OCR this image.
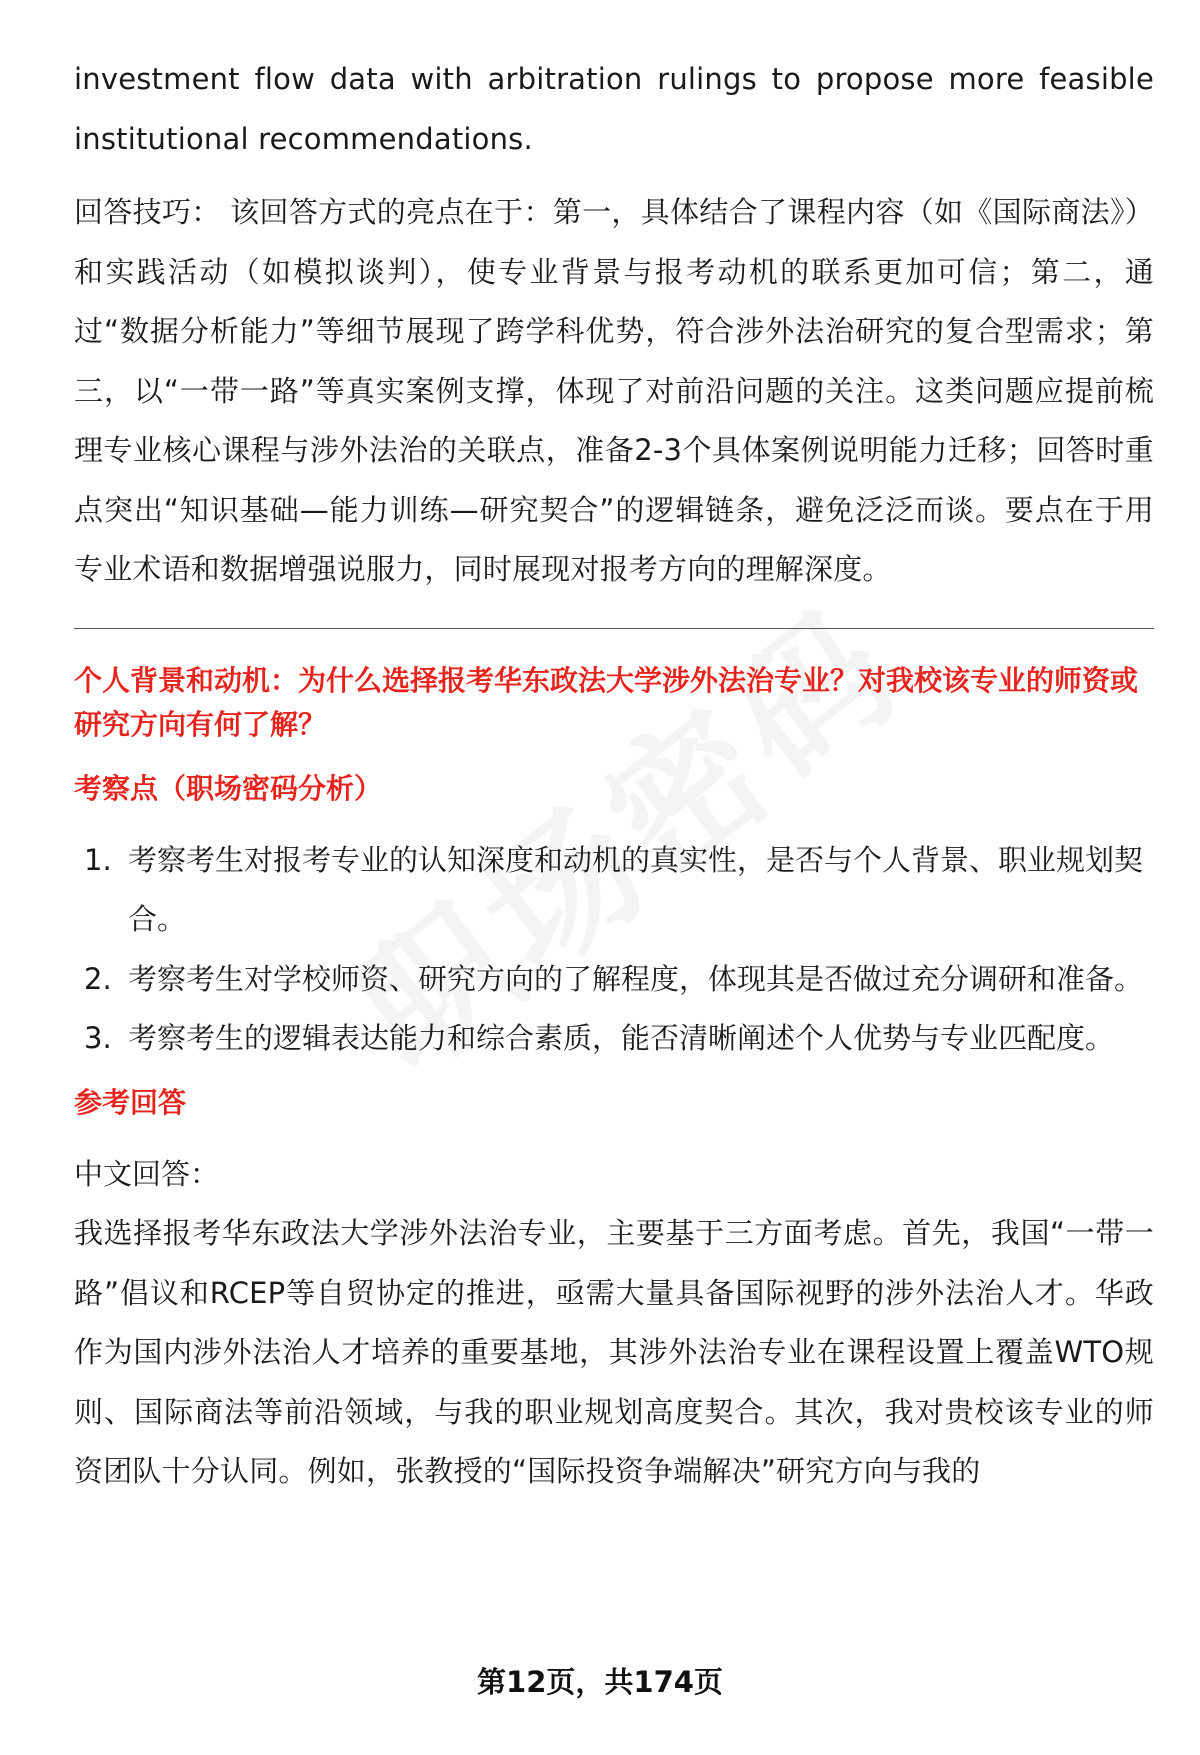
investment flow data with arbitration rulings to propose more feasible institutional recommendations.

回答技巧： 该回答方式的亮点在于：第一，具体结合了课程内容（如《国际商法》）和实践活动（如模拟谈判），使专业背景与报考动机的联系更加可信；第二，通过“数据分析能力”等细节展现了跨学科优势，符合涉外法治研究的复合型需求；第三，以“一带一路”等真实案例支撑，体现了对前沿问题的关注。这类问题应提前梳理专业核心课程与涉外法治的关联点，准备2-3个具体案例说明能力迁移；回答时重点突出“知识基础—能力训练—研究契合”的逻辑链条，避免泛泛而谈。要点在于用专业术语和数据增强说服力，同时展现对报考方向的理解深度。

个人背景和动机：为什么选择报考华东政法大学涉外法治专业？对我校该专业的师资或研究方向有何了解？

考察点（职场密码分析）

1. 考察考生对报考专业的认知深度和动机的真实性，是否与个人背景、职业规划契合。
2. 考察考生对学校师资、研究方向的了解程度，体现其是否做过充分调研和准备。
3. 考察考生的逻辑表达能力和综合素质，能否清晰阐述个人优势与专业匹配度。

参考回答

中文回答：

我选择报考华东政法大学涉外法治专业，主要基于三方面考虑。首先，我国“一带一路”倡议和RCEP等自贸协定的推进，亟需大量具备国际视野的涉外法治人才。华政作为国内涉外法治人才培养的重要基地，其涉外法治专业在课程设置上覆盖WTO规则、国际商法等前沿领域，与我的职业规划高度契合。其次，我对贵校该专业的师资团队十分认同。例如，张教授的“国际投资争端解决”研究方向与我的

第12页，共174页
